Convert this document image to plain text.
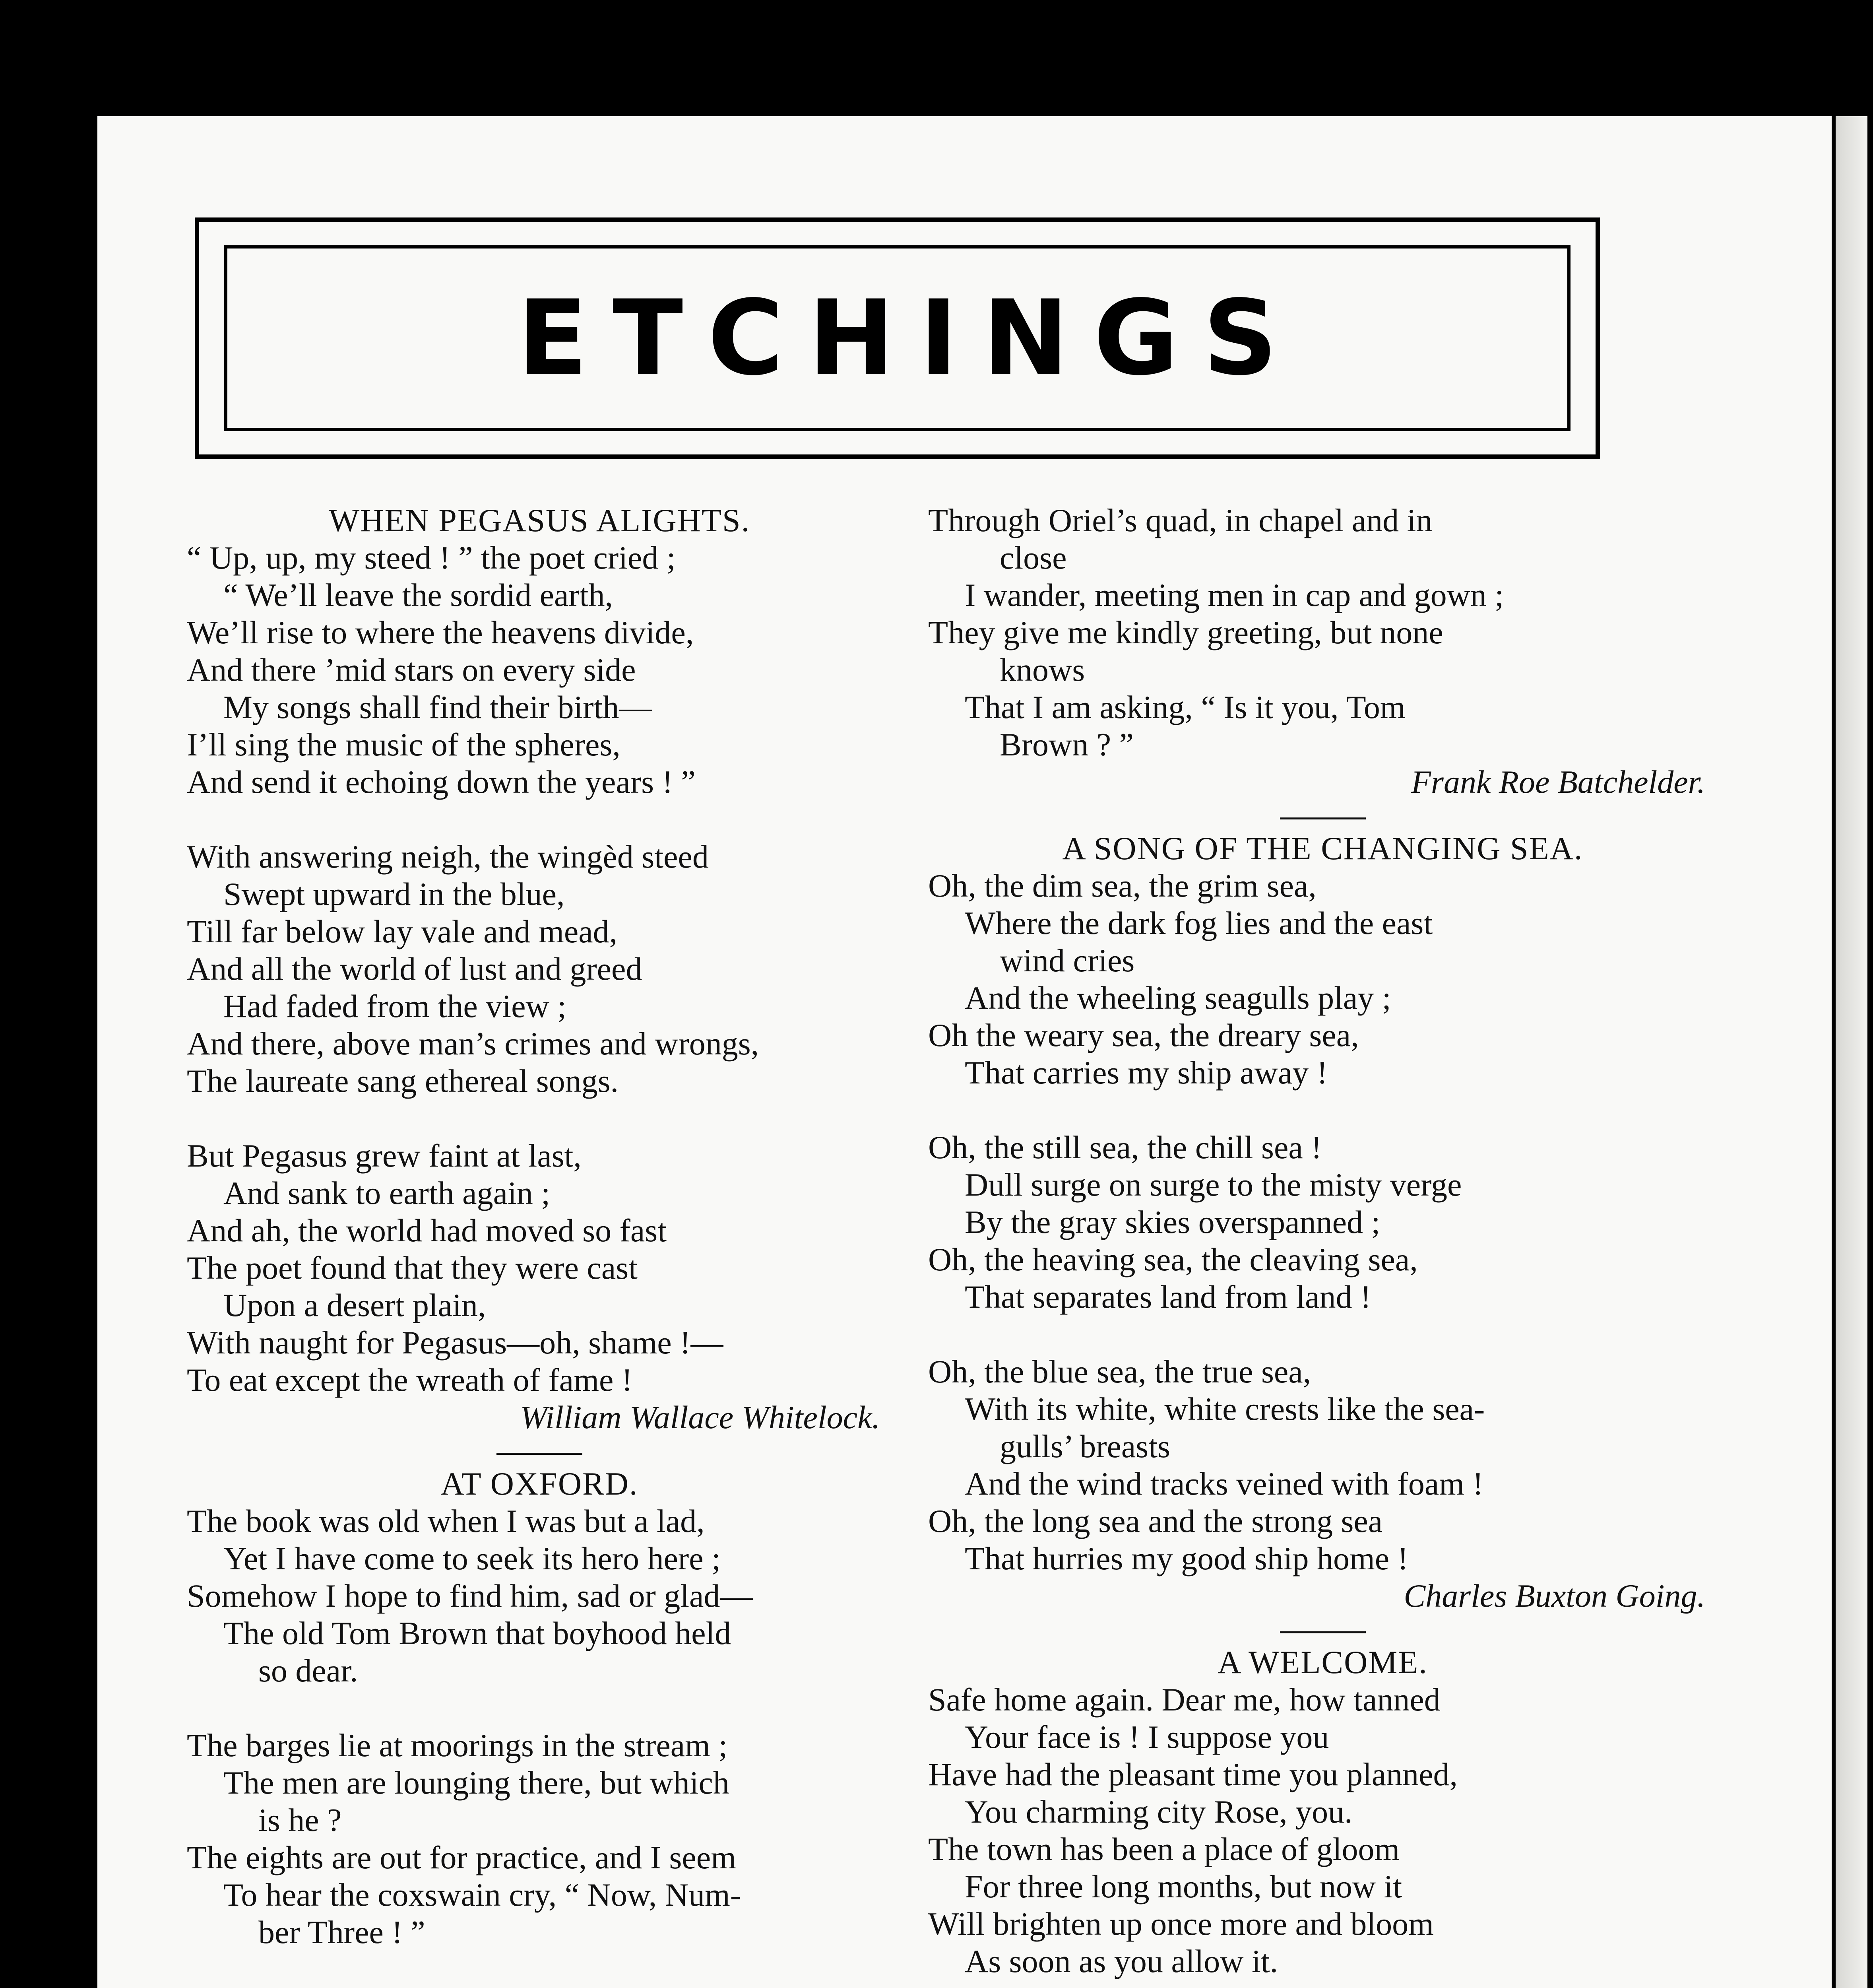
ETCHINGS
WHEN PEGASUS ALIGHTS.
“ Up, up, my steed ! ” the poet cried ;
“ We’ll leave the sordid earth,
We’ll rise to where the heavens divide,
And there ’mid stars on every side
My songs shall find their birth—
I’ll sing the music of the spheres,
And send it echoing down the years ! ”
With answering neigh, the wingèd steed
Swept upward in the blue,
Till far below lay vale and mead,
And all the world of lust and greed
Had faded from the view ;
And there, above man’s crimes and wrongs,
The laureate sang ethereal songs.
But Pegasus grew faint at last,
And sank to earth again ;
And ah, the world had moved so fast
The poet found that they were cast
Upon a desert plain,
With naught for Pegasus—oh, shame !—
To eat except the wreath of fame !
William Wallace Whitelock.
AT OXFORD.
The book was old when I was but a lad,
Yet I have come to seek its hero here ;
Somehow I hope to find him, sad or glad—
The old Tom Brown that boyhood held
so dear.
The barges lie at moorings in the stream ;
The men are lounging there, but which
is he ?
The eights are out for practice, and I seem
To hear the coxswain cry, “ Now, Num-
ber Three ! ”
Through Oriel’s quad, in chapel and in
close
I wander, meeting men in cap and gown ;
They give me kindly greeting, but none
knows
That I am asking, “ Is it you, Tom
Brown ? ”
Frank Roe Batchelder.
A SONG OF THE CHANGING SEA.
Oh, the dim sea, the grim sea,
Where the dark fog lies and the east
wind cries
And the wheeling seagulls play ;
Oh the weary sea, the dreary sea,
That carries my ship away !
Oh, the still sea, the chill sea !
Dull surge on surge to the misty verge
By the gray skies overspanned ;
Oh, the heaving sea, the cleaving sea,
That separates land from land !
Oh, the blue sea, the true sea,
With its white, white crests like the sea-
gulls’ breasts
And the wind tracks veined with foam !
Oh, the long sea and the strong sea
That hurries my good ship home !
Charles Buxton Going.
A WELCOME.
Safe home again. Dear me, how tanned
Your face is ! I suppose you
Have had the pleasant time you planned,
You charming city Rose, you.
The town has been a place of gloom
For three long months, but now it
Will brighten up once more and bloom
As soon as you allow it.
